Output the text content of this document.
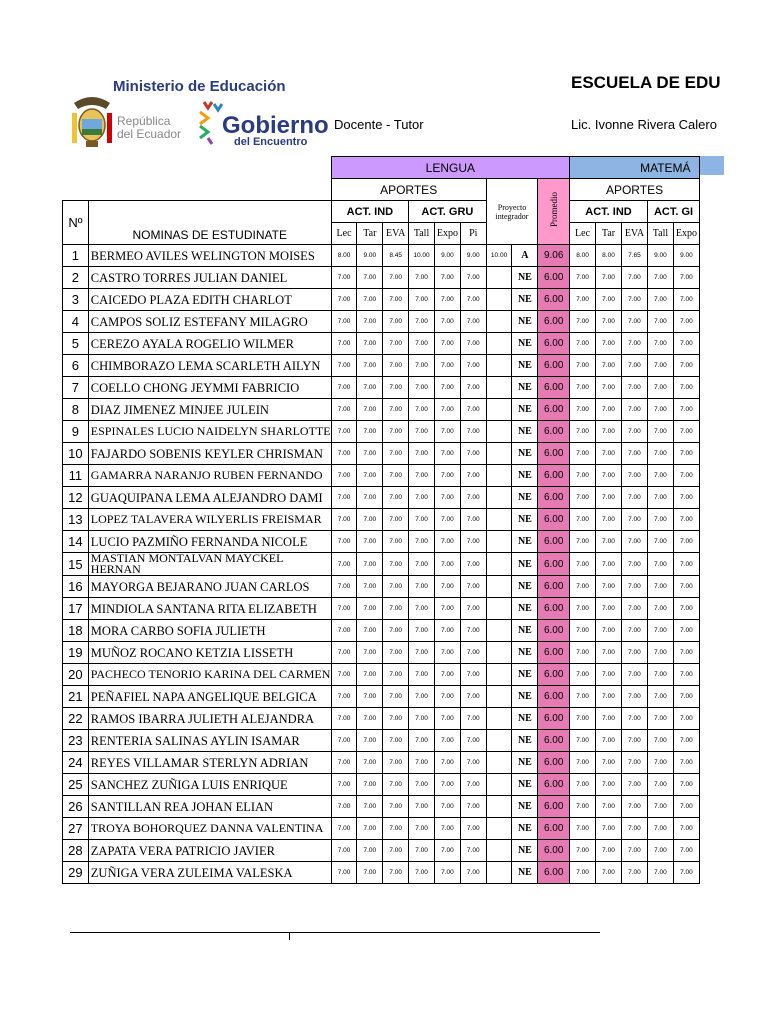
Ministerio de Educación
República
del Ecuador Gobierno
del Encuentro
ESCUELA DE EDU
Docente - Tutor	Lic. Ivonne Rivera Calero
		LENGUA									MATEMÁ				
		APORTES						Proyecto integrador		Promedio	APORTES				
Nº	NOMINAS DE ESTUDINATE	ACT. IND			ACT. GRU						ACT. IND			ACT. GI	
		Lec	Tar	EVA	Tall	Expo	Pi				Lec	Tar	EVA	Tall	Expo
1	BERMEO AVILES WELINGTON MOISES	8.00	9.00	8.45	10.00	9.00	9.00	10.00	A	9.06	8.00	8.00	7.65	9.00	9.00
2	CASTRO TORRES JULIAN DANIEL	7.00	7.00	7.00	7.00	7.00	7.00		NE	6.00	7.00	7.00	7.00	7.00	7.00
3	CAICEDO PLAZA EDITH CHARLOT	7.00	7.00	7.00	7.00	7.00	7.00		NE	6.00	7.00	7.00	7.00	7.00	7.00
4	CAMPOS SOLIZ ESTEFANY MILAGRO	7.00	7.00	7.00	7.00	7.00	7.00		NE	6.00	7.00	7.00	7.00	7.00	7.00
5	CEREZO AYALA ROGELIO WILMER	7.00	7.00	7.00	7.00	7.00	7.00		NE	6.00	7.00	7.00	7.00	7.00	7.00
6	CHIMBORAZO LEMA SCARLETH AILYN	7.00	7.00	7.00	7.00	7.00	7.00		NE	6.00	7.00	7.00	7.00	7.00	7.00
7	COELLO CHONG JEYMMI FABRICIO	7.00	7.00	7.00	7.00	7.00	7.00		NE	6.00	7.00	7.00	7.00	7.00	7.00
8	DIAZ JIMENEZ MINJEE JULEIN	7.00	7.00	7.00	7.00	7.00	7.00		NE	6.00	7.00	7.00	7.00	7.00	7.00
9	ESPINALES LUCIO NAIDELYN SHARLOTTE	7.00	7.00	7.00	7.00	7.00	7.00		NE	6.00	7.00	7.00	7.00	7.00	7.00
10	FAJARDO SOBENIS KEYLER CHRISMAN	7.00	7.00	7.00	7.00	7.00	7.00		NE	6.00	7.00	7.00	7.00	7.00	7.00
11	GAMARRA NARANJO RUBEN FERNANDO	7.00	7.00	7.00	7.00	7.00	7.00		NE	6.00	7.00	7.00	7.00	7.00	7.00
12	GUAQUIPANA LEMA ALEJANDRO DAMI	7.00	7.00	7.00	7.00	7.00	7.00		NE	6.00	7.00	7.00	7.00	7.00	7.00
13	LOPEZ TALAVERA WILYERLIS FREISMAR	7.00	7.00	7.00	7.00	7.00	7.00		NE	6.00	7.00	7.00	7.00	7.00	7.00
14	LUCIO PAZMIÑO FERNANDA NICOLE	7.00	7.00	7.00	7.00	7.00	7.00		NE	6.00	7.00	7.00	7.00	7.00	7.00
15	MASTIAN MONTALVAN MAYCKEL HERNAN	7.00	7.00	7.00	7.00	7.00	7.00		NE	6.00	7.00	7.00	7.00	7.00	7.00
16	MAYORGA BEJARANO JUAN CARLOS	7.00	7.00	7.00	7.00	7.00	7.00		NE	6.00	7.00	7.00	7.00	7.00	7.00
17	MINDIOLA SANTANA RITA ELIZABETH	7.00	7.00	7.00	7.00	7.00	7.00		NE	6.00	7.00	7.00	7.00	7.00	7.00
18	MORA CARBO SOFIA JULIETH	7.00	7.00	7.00	7.00	7.00	7.00		NE	6.00	7.00	7.00	7.00	7.00	7.00
19	MUÑOZ ROCANO KETZIA LISSETH	7.00	7.00	7.00	7.00	7.00	7.00		NE	6.00	7.00	7.00	7.00	7.00	7.00
20	PACHECO TENORIO KARINA DEL CARMEN	7.00	7.00	7.00	7.00	7.00	7.00		NE	6.00	7.00	7.00	7.00	7.00	7.00
21	PEÑAFIEL NAPA ANGELIQUE BELGICA	7.00	7.00	7.00	7.00	7.00	7.00		NE	6.00	7.00	7.00	7.00	7.00	7.00
22	RAMOS IBARRA JULIETH ALEJANDRA	7.00	7.00	7.00	7.00	7.00	7.00		NE	6.00	7.00	7.00	7.00	7.00	7.00
23	RENTERIA SALINAS AYLIN ISAMAR	7.00	7.00	7.00	7.00	7.00	7.00		NE	6.00	7.00	7.00	7.00	7.00	7.00
24	REYES VILLAMAR STERLYN ADRIAN	7.00	7.00	7.00	7.00	7.00	7.00		NE	6.00	7.00	7.00	7.00	7.00	7.00
25	SANCHEZ ZUÑIGA LUIS ENRIQUE	7.00	7.00	7.00	7.00	7.00	7.00		NE	6.00	7.00	7.00	7.00	7.00	7.00
26	SANTILLAN REA JOHAN ELIAN	7.00	7.00	7.00	7.00	7.00	7.00		NE	6.00	7.00	7.00	7.00	7.00	7.00
27	TROYA BOHORQUEZ DANNA VALENTINA	7.00	7.00	7.00	7.00	7.00	7.00		NE	6.00	7.00	7.00	7.00	7.00	7.00
28	ZAPATA VERA PATRICIO JAVIER	7.00	7.00	7.00	7.00	7.00	7.00		NE	6.00	7.00	7.00	7.00	7.00	7.00
29	ZUÑIGA VERA ZULEIMA VALESKA	7.00	7.00	7.00	7.00	7.00	7.00		NE	6.00	7.00	7.00	7.00	7.00	7.00
